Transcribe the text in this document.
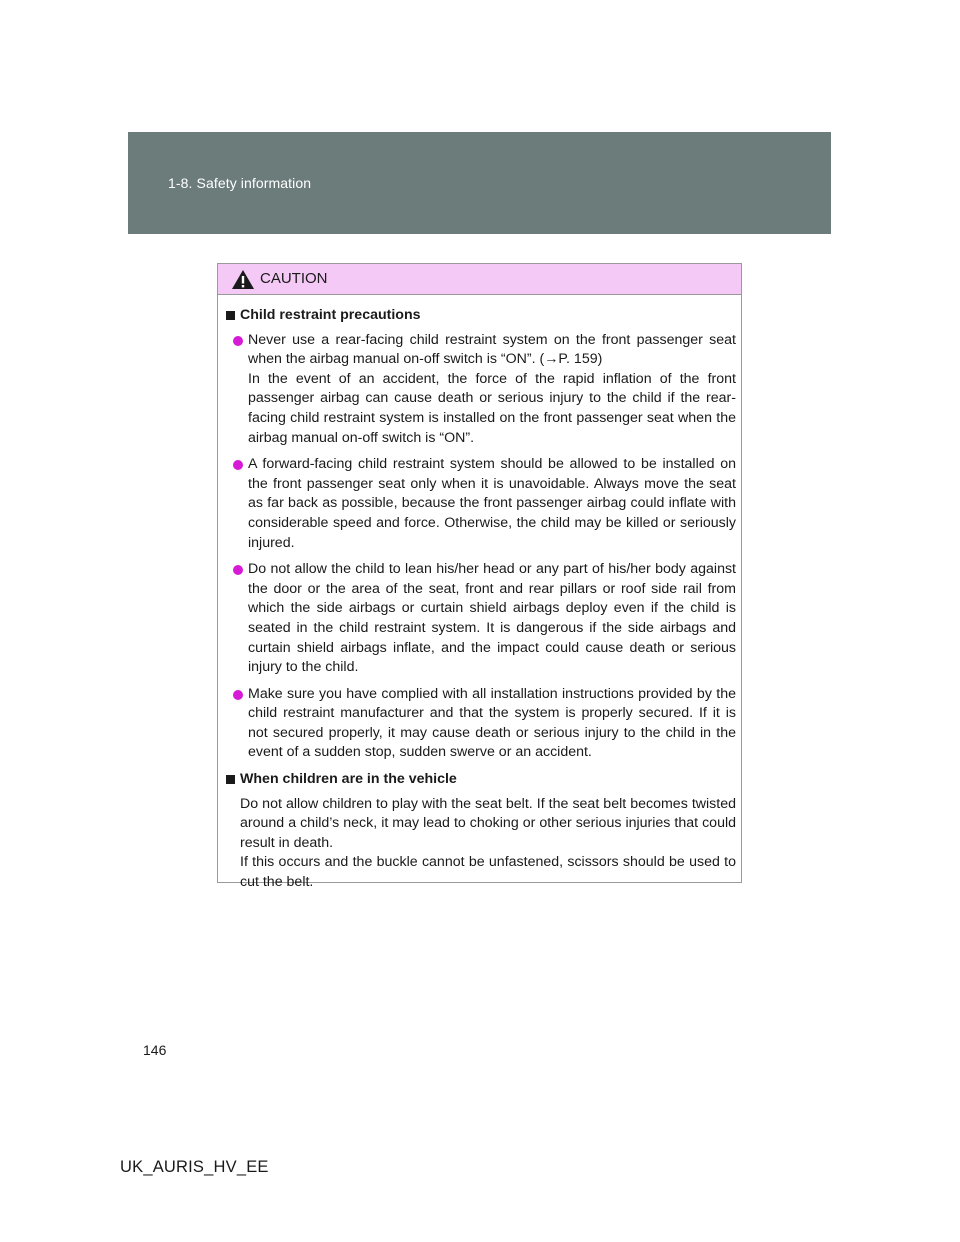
1-8. Safety information
CAUTION
Child restraint precautions
Never use a rear-facing child restraint system on the front passenger seat when the airbag manual on-off switch is “ON”. (→P. 159)
In the event of an accident, the force of the rapid inflation of the front passenger airbag can cause death or serious injury to the child if the rear-facing child restraint system is installed on the front passenger seat when the airbag manual on-off switch is “ON”.
A forward-facing child restraint system should be allowed to be installed on the front passenger seat only when it is unavoidable. Always move the seat as far back as possible, because the front passenger airbag could inflate with considerable speed and force. Otherwise, the child may be killed or seriously injured.
Do not allow the child to lean his/her head or any part of his/her body against the door or the area of the seat, front and rear pillars or roof side rail from which the side airbags or curtain shield airbags deploy even if the child is seated in the child restraint system. It is dangerous if the side airbags and curtain shield airbags inflate, and the impact could cause death or serious injury to the child.
Make sure you have complied with all installation instructions provided by the child restraint manufacturer and that the system is properly secured. If it is not secured properly, it may cause death or serious injury to the child in the event of a sudden stop, sudden swerve or an accident.
When children are in the vehicle
Do not allow children to play with the seat belt. If the seat belt becomes twisted around a child’s neck, it may lead to choking or other serious injuries that could result in death.
If this occurs and the buckle cannot be unfastened, scissors should be used to cut the belt.
146
UK_AURIS_HV_EE
